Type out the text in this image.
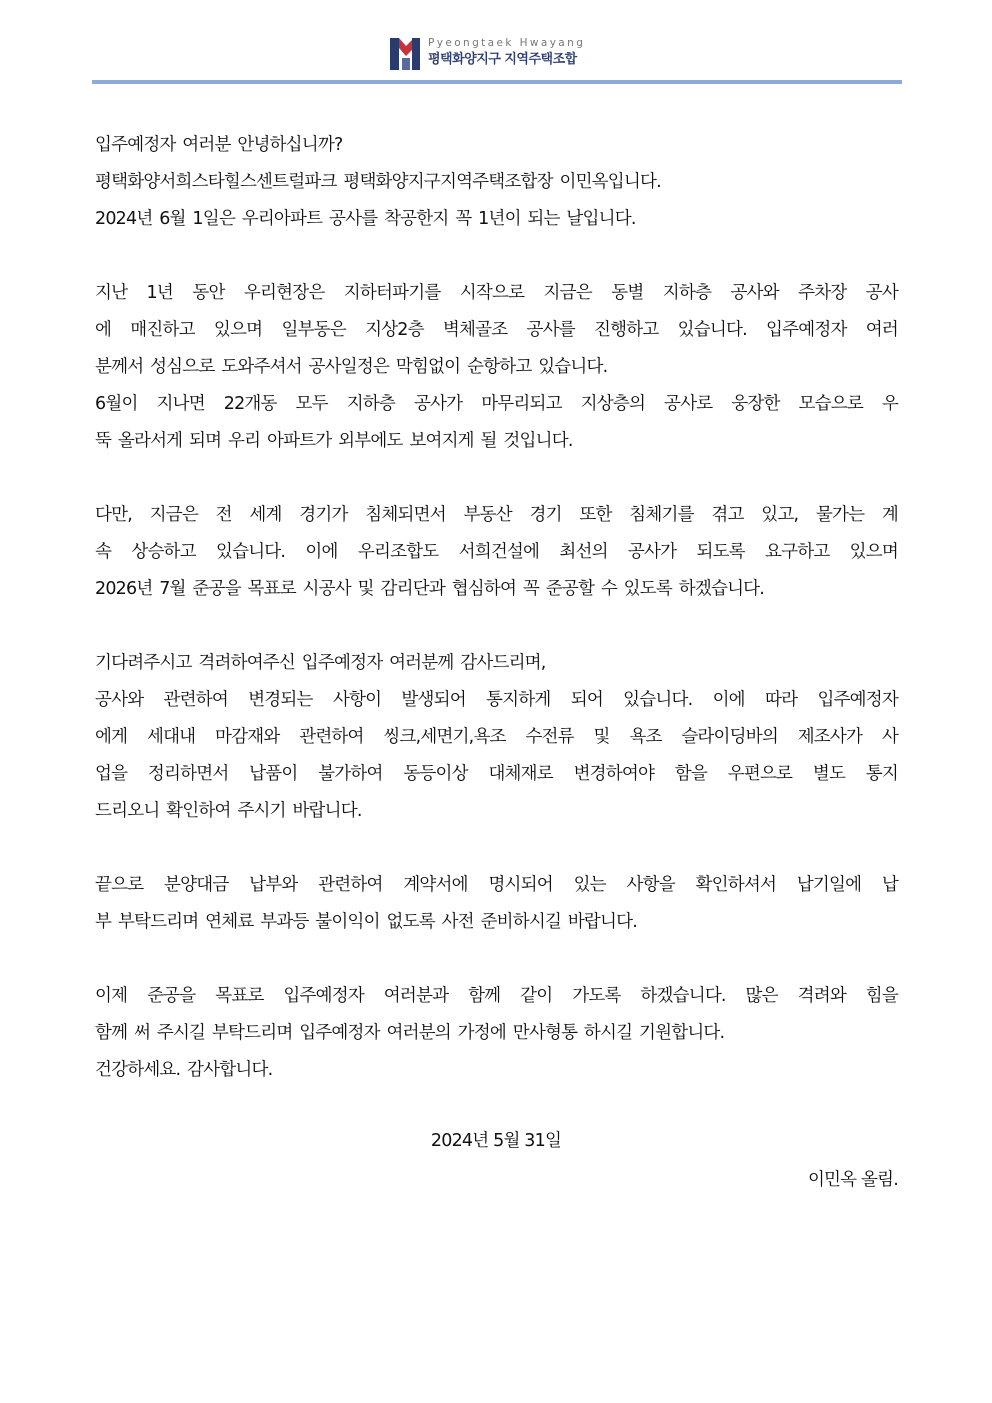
Pyeongtaek Hwayang
평택화양지구 지역주택조합

입주예정자 여러분 안녕하십니까?
평택화양서희스타힐스센트럴파크 평택화양지구지역주택조합장 이민옥입니다.
2024년 6월 1일은 우리아파트 공사를 착공한지 꼭 1년이 되는 날입니다.

지난 1년 동안 우리현장은 지하터파기를 시작으로 지금은 동별 지하층 공사와 주차장 공사
에 매진하고 있으며 일부동은 지상2층 벽체골조 공사를 진행하고 있습니다. 입주예정자 여러
분께서 성심으로 도와주셔서 공사일정은 막힘없이 순항하고 있습니다.

6월이 지나면 22개동 모두 지하층 공사가 마무리되고 지상층의 공사로 웅장한 모습으로 우
뚝 올라서게 되며 우리 아파트가 외부에도 보여지게 될 것입니다.

다만, 지금은 전 세계 경기가 침체되면서 부동산 경기 또한 침체기를 겪고 있고, 물가는 계
속 상승하고 있습니다. 이에 우리조합도 서희건설에 최선의 공사가 되도록 요구하고 있으며
2026년 7월 준공을 목표로 시공사 및 감리단과 협심하여 꼭 준공할 수 있도록 하겠습니다.

기다려주시고 격려하여주신 입주예정자 여러분께 감사드리며,

공사와 관련하여 변경되는 사항이 발생되어 통지하게 되어 있습니다. 이에 따라 입주예정자
에게 세대내 마감재와 관련하여 씽크,세면기,욕조 수전류 및 욕조 슬라이딩바의 제조사가 사
업을 정리하면서 납품이 불가하여 동등이상 대체재로 변경하여야 함을 우편으로 별도 통지
드리오니 확인하여 주시기 바랍니다.

끝으로 분양대금 납부와 관련하여 계약서에 명시되어 있는 사항을 확인하셔서 납기일에 납
부 부탁드리며 연체료 부과등 불이익이 없도록 사전 준비하시길 바랍니다.

이제 준공을 목표로 입주예정자 여러분과 함께 같이 가도록 하겠습니다. 많은 격려와 힘을
함께 써 주시길 부탁드리며 입주예정자 여러분의 가정에 만사형통 하시길 기원합니다.
건강하세요. 감사합니다.

2024년 5월 31일
이민옥 올림.
